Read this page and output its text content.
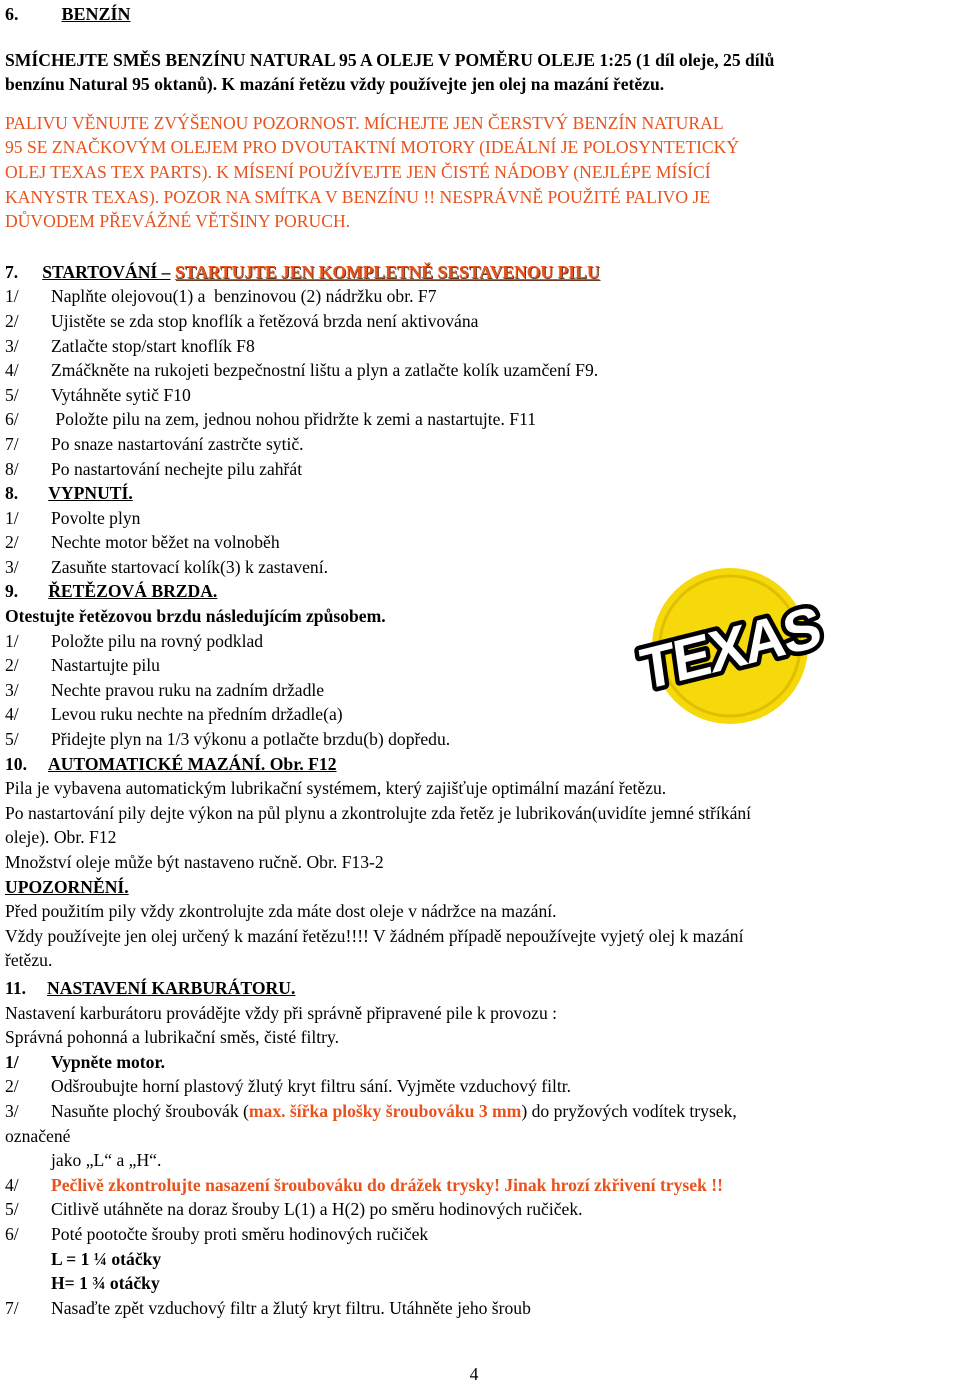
6. BENZÍN
SMÍCHEJTE SMĚS BENZÍNU NATURAL 95 A OLEJE V POMĚRU OLEJE 1:25 (1 díl oleje, 25 dílů
benzínu Natural 95 oktanů). K mazání řetězu vždy používejte jen olej na mazání řetězu.
PALIVU VĚNUJTE ZVÝŠENOU POZORNOST. MÍCHEJTE JEN ČERSTVÝ BENZÍN NATURAL
95 SE ZNAČKOVÝM OLEJEM PRO DVOUTAKTNÍ MOTORY (IDEÁLNÍ JE POLOSYNTETICKÝ
OLEJ TEXAS TEX PARTS). K MÍSENÍ POUŽÍVEJTE JEN ČISTÉ NÁDOBY (NEJLÉPE MÍSÍCÍ
KANYSTR TEXAS). POZOR NA SMÍTKA V BENZÍNU !! NESPRÁVNĚ POUŽITÉ PALIVO JE
DŮVODEM PŘEVÁŽNÉ VĚTŠINY PORUCH.
7. STARTOVÁNÍ – STARTUJTE JEN KOMPLETNĚ SESTAVENOU PILU
1/ Naplňte olejovou(1) a  benzinovou (2) nádržku obr. F7
2/ Ujistěte se zda stop knoflík a řetězová brzda není aktivována
3/ Zatlačte stop/start knoflík F8
4/ Zmáčkněte na rukojeti bezpečnostní lištu a plyn a zatlačte kolík uzamčení F9.
5/ Vytáhněte sytič F10
6/ Položte pilu na zem, jednou nohou přidržte k zemi a nastartujte. F11
7/ Po snaze nastartování zastrčte sytič.
8/ Po nastartování nechejte pilu zahřát
8. VYPNUTÍ.
1/ Povolte plyn
2/ Nechte motor běžet na volnoběh
3/ Zasuňte startovací kolík(3) k zastavení.
9. ŘETĚZOVÁ BRZDA.
Otestujte řetězovou brzdu následujícím způsobem.
1/ Položte pilu na rovný podklad
2/ Nastartujte pilu
3/ Nechte pravou ruku na zadním držadle
4/ Levou ruku nechte na předním držadle(a)
5/ Přidejte plyn na 1/3 výkonu a potlačte brzdu(b) dopředu.
10. AUTOMATICKÉ MAZÁNÍ. Obr. F12
Pila je vybavena automatickým lubrikační systémem, který zajišťuje optimální mazání řetězu.
Po nastartování pily dejte výkon na půl plynu a zkontrolujte zda řetěz je lubrikován(uvidíte jemné stříkání
oleje). Obr. F12
Množství oleje může být nastaveno ručně. Obr. F13-2
UPOZORNĚNÍ.
Před použitím pily vždy zkontrolujte zda máte dost oleje v nádržce na mazání.
Vždy používejte jen olej určený k mazání řetězu!!!! V žádném případě nepoužívejte vyjetý olej k mazání
řetězu.
11. NASTAVENÍ KARBURÁTORU.
Nastavení karburátoru provádějte vždy při správně připravené pile k provozu :
Správná pohonná a lubrikační směs, čisté filtry.
1/ Vypněte motor.
2/ Odšroubujte horní plastový žlutý kryt filtru sání. Vyjměte vzduchový filtr.
3/ Nasuňte plochý šroubovák (max. šířka plošky šroubováku 3 mm) do pryžových vodítek trysek,
označené
jako „L“ a „H“.
4/ Pečlivě zkontrolujte nasazení šroubováku do drážek trysky! Jinak hrozí zkřivení trysek !!
5/ Citlivě utáhněte na doraz šrouby L(1) a H(2) po směru hodinových ručiček.
6/ Poté pootočte šrouby proti směru hodinových ručiček
L = 1 ¼ otáčky
H= 1 ¾ otáčky
7/ Nasaďte zpět vzduchový filtr a žlutý kryt filtru. Utáhněte jeho šroub
TEXAS
4
